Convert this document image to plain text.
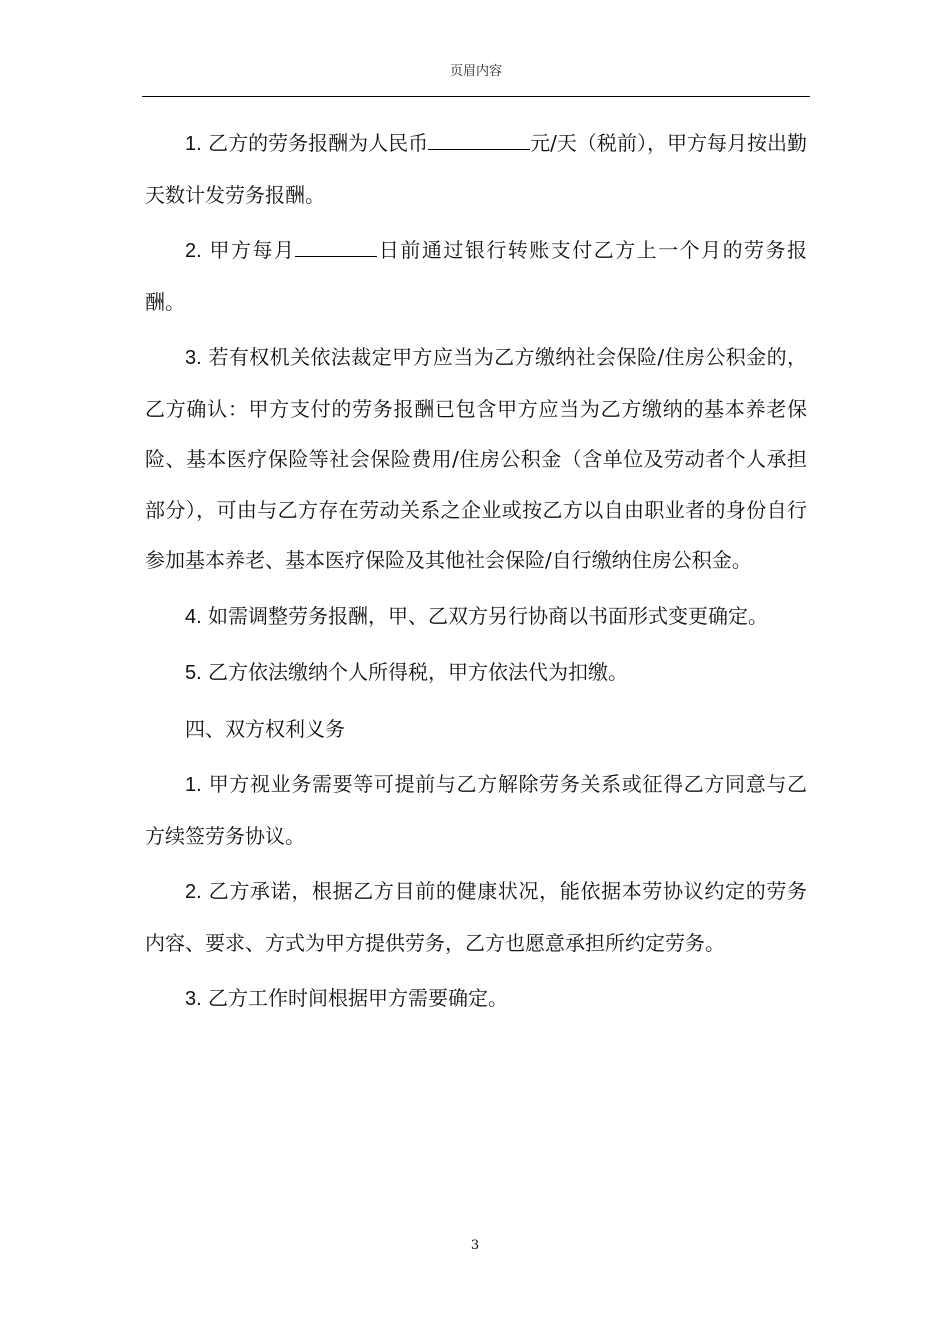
页眉内容

1. 乙方的劳务报酬为人民币	元/天（税前），甲方每月按出勤天数计发劳务报酬。

2. 甲方每月	日前通过银行转账支付乙方上一个月的劳务报酬。

3. 若有权机关依法裁定甲方应当为乙方缴纳社会保险/住房公积金的，乙方确认：甲方支付的劳务报酬已包含甲方应当为乙方缴纳的基本养老保险、基本医疗保险等社会保险费用/住房公积金（含单位及劳动者个人承担部分），可由与乙方存在劳动关系之企业或按乙方以自由职业者的身份自行参加基本养老、基本医疗保险及其他社会保险/自行缴纳住房公积金。

4. 如需调整劳务报酬，甲、乙双方另行协商以书面形式变更确定。

5. 乙方依法缴纳个人所得税，甲方依法代为扣缴。

四、双方权利义务

1. 甲方视业务需要等可提前与乙方解除劳务关系或征得乙方同意与乙方续签劳务协议。

2. 乙方承诺，根据乙方目前的健康状况，能依据本劳协议约定的劳务内容、要求、方式为甲方提供劳务，乙方也愿意承担所约定劳务。

3. 乙方工作时间根据甲方需要确定。

3
